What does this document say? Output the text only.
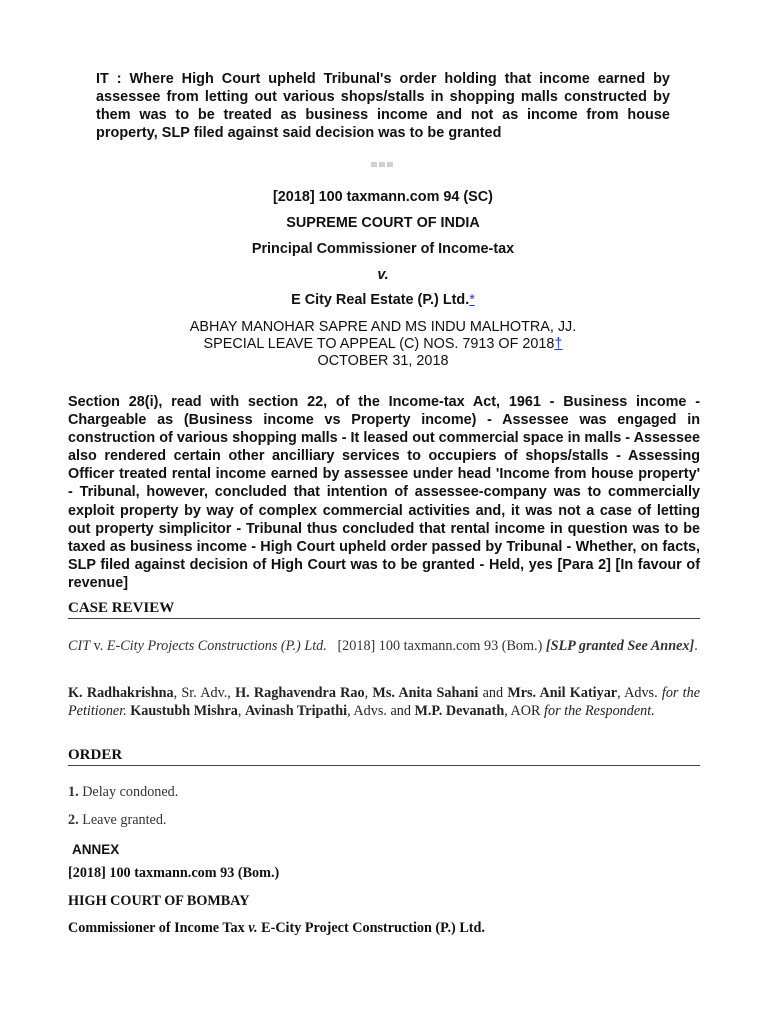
IT : Where High Court upheld Tribunal's order holding that income earned by assessee from letting out various shops/stalls in shopping malls constructed by them was to be treated as business income and not as income from house property, SLP filed against said decision was to be granted
[2018] 100 taxmann.com 94 (SC)
SUPREME COURT OF INDIA
Principal Commissioner of Income-tax
v.
E City Real Estate (P.) Ltd.*
ABHAY MANOHAR SAPRE AND MS INDU MALHOTRA, JJ.
SPECIAL LEAVE TO APPEAL (C) NOS. 7913 OF 2018†
OCTOBER 31, 2018
Section 28(i), read with section 22, of the Income-tax Act, 1961 - Business income - Chargeable as (Business income vs Property income) - Assessee was engaged in construction of various shopping malls - It leased out commercial space in malls - Assessee also rendered certain other ancilliary services to occupiers of shops/stalls - Assessing Officer treated rental income earned by assessee under head 'Income from house property' - Tribunal, however, concluded that intention of assessee-company was to commercially exploit property by way of complex commercial activities and, it was not a case of letting out property simplicitor - Tribunal thus concluded that rental income in question was to be taxed as business income - High Court upheld order passed by Tribunal - Whether, on facts, SLP filed against decision of High Court was to be granted - Held, yes [Para 2] [In favour of revenue]
CASE REVIEW
CIT v. E-City Projects Constructions (P.) Ltd. [2018] 100 taxmann.com 93 (Bom.) [SLP granted See Annex].
K. Radhakrishna, Sr. Adv., H. Raghavendra Rao, Ms. Anita Sahani and Mrs. Anil Katiyar, Advs. for the Petitioner. Kaustubh Mishra, Avinash Tripathi, Advs. and M.P. Devanath, AOR for the Respondent.
ORDER
1. Delay condoned.
2. Leave granted.
ANNEX
[2018] 100 taxmann.com 93 (Bom.)
HIGH COURT OF BOMBAY
Commissioner of Income Tax v. E-City Project Construction (P.) Ltd.
